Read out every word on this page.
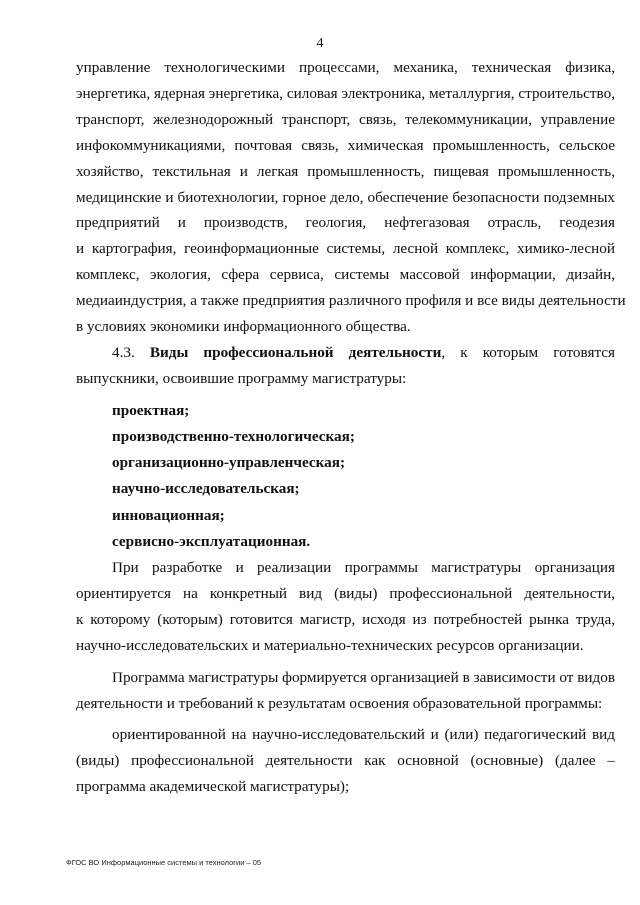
4
управление технологическими процессами, механика, техническая физика,
энергетика, ядерная энергетика, силовая электроника, металлургия, строительство,
транспорт, железнодорожный транспорт, связь, телекоммуникации, управление
инфокоммуникациями, почтовая связь, химическая промышленность, сельское
хозяйство, текстильная и легкая промышленность, пищевая промышленность,
медицинские и биотехнологии, горное дело, обеспечение безопасности подземных
предприятий и производств, геология, нефтегазовая отрасль, геодезия
и картография, геоинформационные системы, лесной комплекс, химико-лесной
комплекс, экология, сфера сервиса, системы массовой информации, дизайн,
медиаиндустрия, а также предприятия различного профиля и все виды деятельности
в условиях экономики информационного общества.
4.3. Виды профессиональной деятельности, к которым готовятся
выпускники, освоившие программу магистратуры:
проектная;
производственно-технологическая;
организационно-управленческая;
научно-исследовательская;
инновационная;
сервисно-эксплуатационная.
При разработке и реализации программы магистратуры организация
ориентируется на конкретный вид (виды) профессиональной деятельности,
к которому (которым) готовится магистр, исходя из потребностей рынка труда,
научно-исследовательских и материально-технических ресурсов организации.
Программа магистратуры формируется организацией в зависимости от видов
деятельности и требований к результатам освоения образовательной программы:
ориентированной на научно-исследовательский и (или) педагогический вид
(виды) профессиональной деятельности как основной (основные) (далее –
программа академической магистратуры);
ФГОС ВО Информационные системы и технологии – 05
